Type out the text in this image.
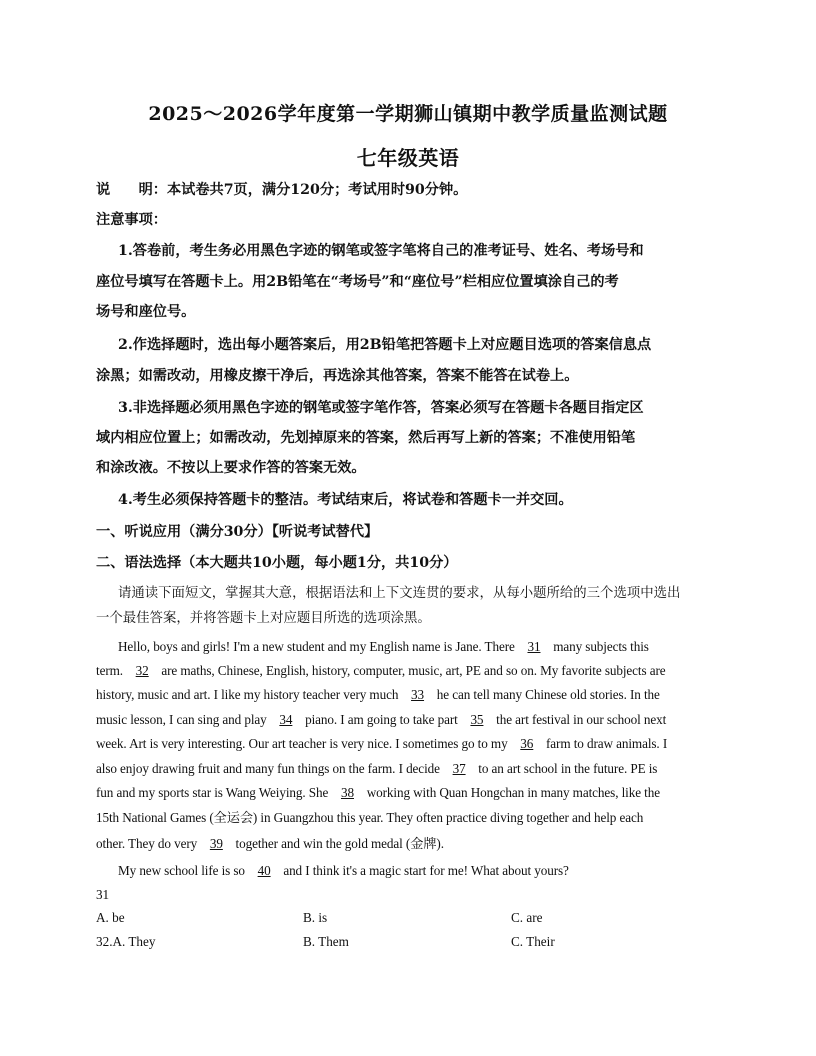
2025～2026学年度第一学期狮山镇期中教学质量监测试题
七年级英语
说　　明：本试卷共7页，满分120分；考试用时90分钟。
注意事项：
1.答卷前，考生务必用黑色字迹的钢笔或签字笔将自己的准考证号、姓名、考场号和
座位号填写在答题卡上。用2B铅笔在“考场号”和“座位号”栏相应位置填涂自己的考
场号和座位号。
2.作选择题时，选出每小题答案后，用2B铅笔把答题卡上对应题目选项的答案信息点
涂黑；如需改动，用橡皮擦干净后，再选涂其他答案，答案不能答在试卷上。
3.非选择题必须用黑色字迹的钢笔或签字笔作答，答案必须写在答题卡各题目指定区
域内相应位置上；如需改动，先划掉原来的答案，然后再写上新的答案；不准使用铅笔
和涂改液。不按以上要求作答的答案无效。
4.考生必须保持答题卡的整洁。考试结束后，将试卷和答题卡一并交回。
一、听说应用（满分30分）【听说考试替代】
二、语法选择（本大题共10小题，每小题1分，共10分）
请通读下面短文，掌握其大意，根据语法和上下文连贯的要求，从每小题所给的三个选项中选出
一个最佳答案，并将答题卡上对应题目所选的选项涂黑。
Hello, boys and girls! I'm a new student and my English name is Jane. There 31 many subjects this
term. 32 are maths, Chinese, English, history, computer, music, art, PE and so on. My favorite subjects are
history, music and art. I like my history teacher very much 33 he can tell many Chinese old stories. In the
music lesson, I can sing and play 34 piano. I am going to take part 35 the art festival in our school next
week. Art is very interesting. Our art teacher is very nice. I sometimes go to my 36 farm to draw animals. I
also enjoy drawing fruit and many fun things on the farm. I decide 37 to an art school in the future. PE is
fun and my sports star is Wang Weiying. She 38 working with Quan Hongchan in many matches, like the
15th National Games (全运会) in Guangzhou this year. They often practice diving together and help each
other. They do very 39 together and win the gold medal (金牌).
My new school life is so 40 and I think it's a magic start for me! What about yours?
31
A. be	B. is	C. are
32.A. They	B. Them	C. Their
